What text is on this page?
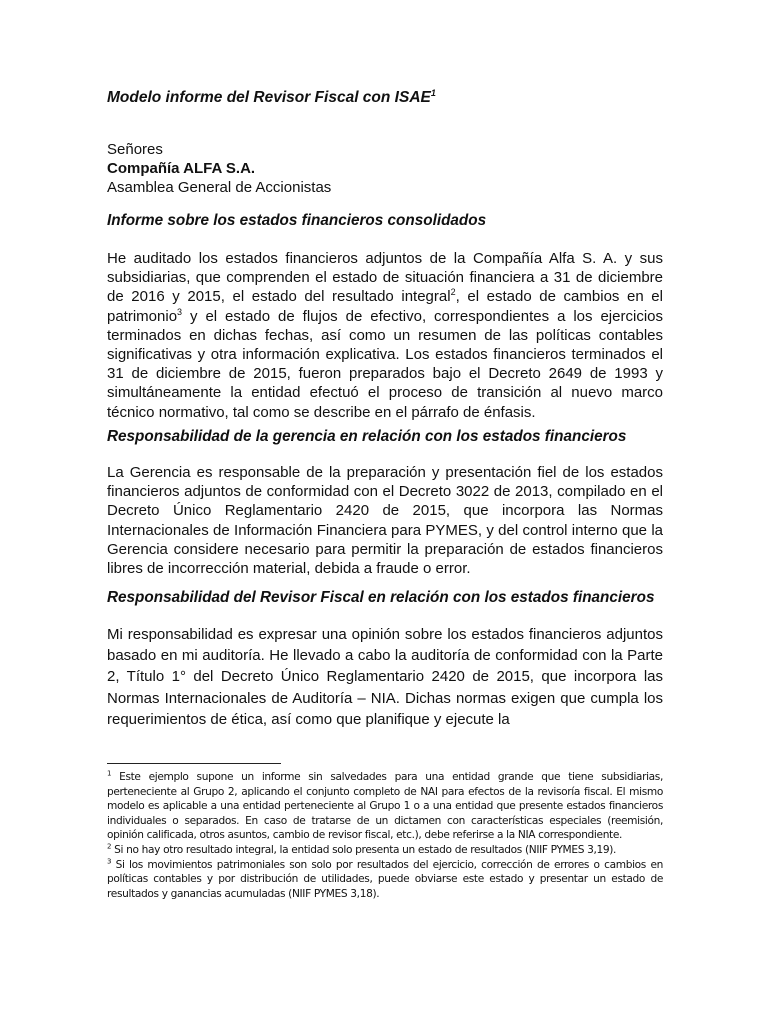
Modelo informe del Revisor Fiscal con ISAE$^1$
Señores
Compañía ALFA S.A.
Asamblea General de Accionistas
Informe sobre los estados financieros consolidados

He auditado los estados financieros adjuntos de la Compañía Alfa S. A. y sus subsidiarias, que comprenden el estado de situación financiera a 31 de diciembre de 2016 y 2015, el estado del resultado integral$^2$, el estado de cambios en el patrimonio$^3$ y el estado de flujos de efectivo, correspondientes a los ejercicios terminados en dichas fechas, así como un resumen de las políticas contables significativas y otra información explicativa. Los estados financieros terminados el 31 de diciembre de 2015, fueron preparados bajo el Decreto 2649 de 1993 y simultáneamente la entidad efectuó el proceso de transición al nuevo marco técnico normativo, tal como se describe en el párrafo de énfasis.

Responsabilidad de la gerencia en relación con los estados financieros

La Gerencia es responsable de la preparación y presentación fiel de los estados financieros adjuntos de conformidad con el Decreto 3022 de 2013, compilado en el Decreto Único Reglamentario 2420 de 2015, que incorpora las Normas Internacionales de Información Financiera para PYMES, y del control interno que la Gerencia considere necesario para permitir la preparación de estados financieros libres de incorrección material, debida a fraude o error.

Responsabilidad del Revisor Fiscal en relación con los estados financieros

Mi responsabilidad es expresar una opinión sobre los estados financieros adjuntos basado en mi auditoría. He llevado a cabo la auditoría de conformidad con la Parte 2, Título 1° del Decreto Único Reglamentario 2420 de 2015, que incorpora las Normas Internacionales de Auditoría – NIA. Dichas normas exigen que cumpla los requerimientos de ética, así como que planifique y ejecute la

$^1$ Este ejemplo supone un informe sin salvedades para una entidad grande que tiene subsidiarias, perteneciente al Grupo 2, aplicando el conjunto completo de NAI para efectos de la revisoría fiscal. El mismo modelo es aplicable a una entidad perteneciente al Grupo 1 o a una entidad que presente estados financieros individuales o separados. En caso de tratarse de un dictamen con características especiales (reemisión, opinión calificada, otros asuntos, cambio de revisor fiscal, etc.), debe referirse a la NIA correspondiente.

$^2$ Si no hay otro resultado integral, la entidad solo presenta un estado de resultados (NIIF PYMES 3,19).

$^3$ Si los movimientos patrimoniales son solo por resultados del ejercicio, corrección de errores o cambios en políticas contables y por distribución de utilidades, puede obviarse este estado y presentar un estado de resultados y ganancias acumuladas (NIIF PYMES 3,18).
